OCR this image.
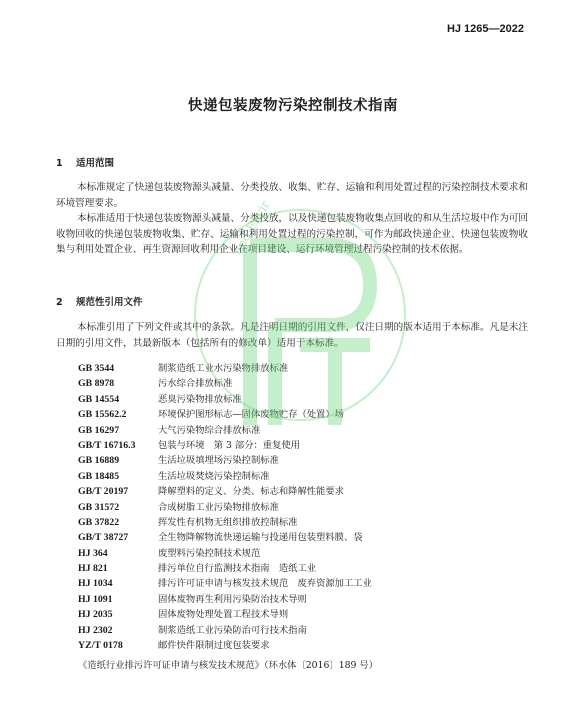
HJ 1265—2022
快递包装废物污染控制技术指南
1 适用范围

本标准规定了快递包装废物源头减量、分类投放、收集、贮存、运输和利用处置过程的污染控制技术要求和环境管理要求。

本标准适用于快递包装废物源头减量、分类投放，以及快递包装废物收集点回收的和从生活垃圾中作为可回收物回收的快递包装废物收集、贮存、运输和利用处置过程的污染控制，可作为邮政快递企业、快递包装废物收集与利用处置企业、再生资源回收利用企业在项目建设、运行环境管理过程污染控制的技术依据。

2 规范性引用文件

本标准引用了下列文件或其中的条款。凡是注明日期的引用文件，仅注日期的版本适用于本标准。凡是未注日期的引用文件，其最新版本（包括所有的修改单）适用于本标准。

GB 3544	制浆造纸工业水污染物排放标准
GB 8978	污水综合排放标准
GB 14554	恶臭污染物排放标准
GB 15562.2	环境保护图形标志—固体废物贮存（处置）场
GB 16297	大气污染物综合排放标准
GB/T 16716.3 包装与环境　第 3 部分：重复使用
GB 16889	生活垃圾填埋场污染控制标准
GB 18485	生活垃圾焚烧污染控制标准
GB/T 20197	降解塑料的定义、分类、标志和降解性能要求
GB 31572	合成树脂工业污染物排放标准
GB 37822	挥发性有机物无组织排放控制标准
GB/T 38727	全生物降解物流快递运输与投递用包装塑料膜、袋
HJ 364	废塑料污染控制技术规范
HJ 821	排污单位自行监测技术指南　造纸工业
HJ 1034	排污许可证申请与核发技术规范　废弃资源加工工业
HJ 1091	固体废物再生利用污染防治技术导则
HJ 2035	固体废物处理处置工程技术导则
HJ 2302	制浆造纸工业污染防治可行技术指南
YZ/T 0178	邮件快件限制过度包装要求
《造纸行业排污许可证申请与核发技术规范》（环水体〔2016〕189 号）
and Envir
